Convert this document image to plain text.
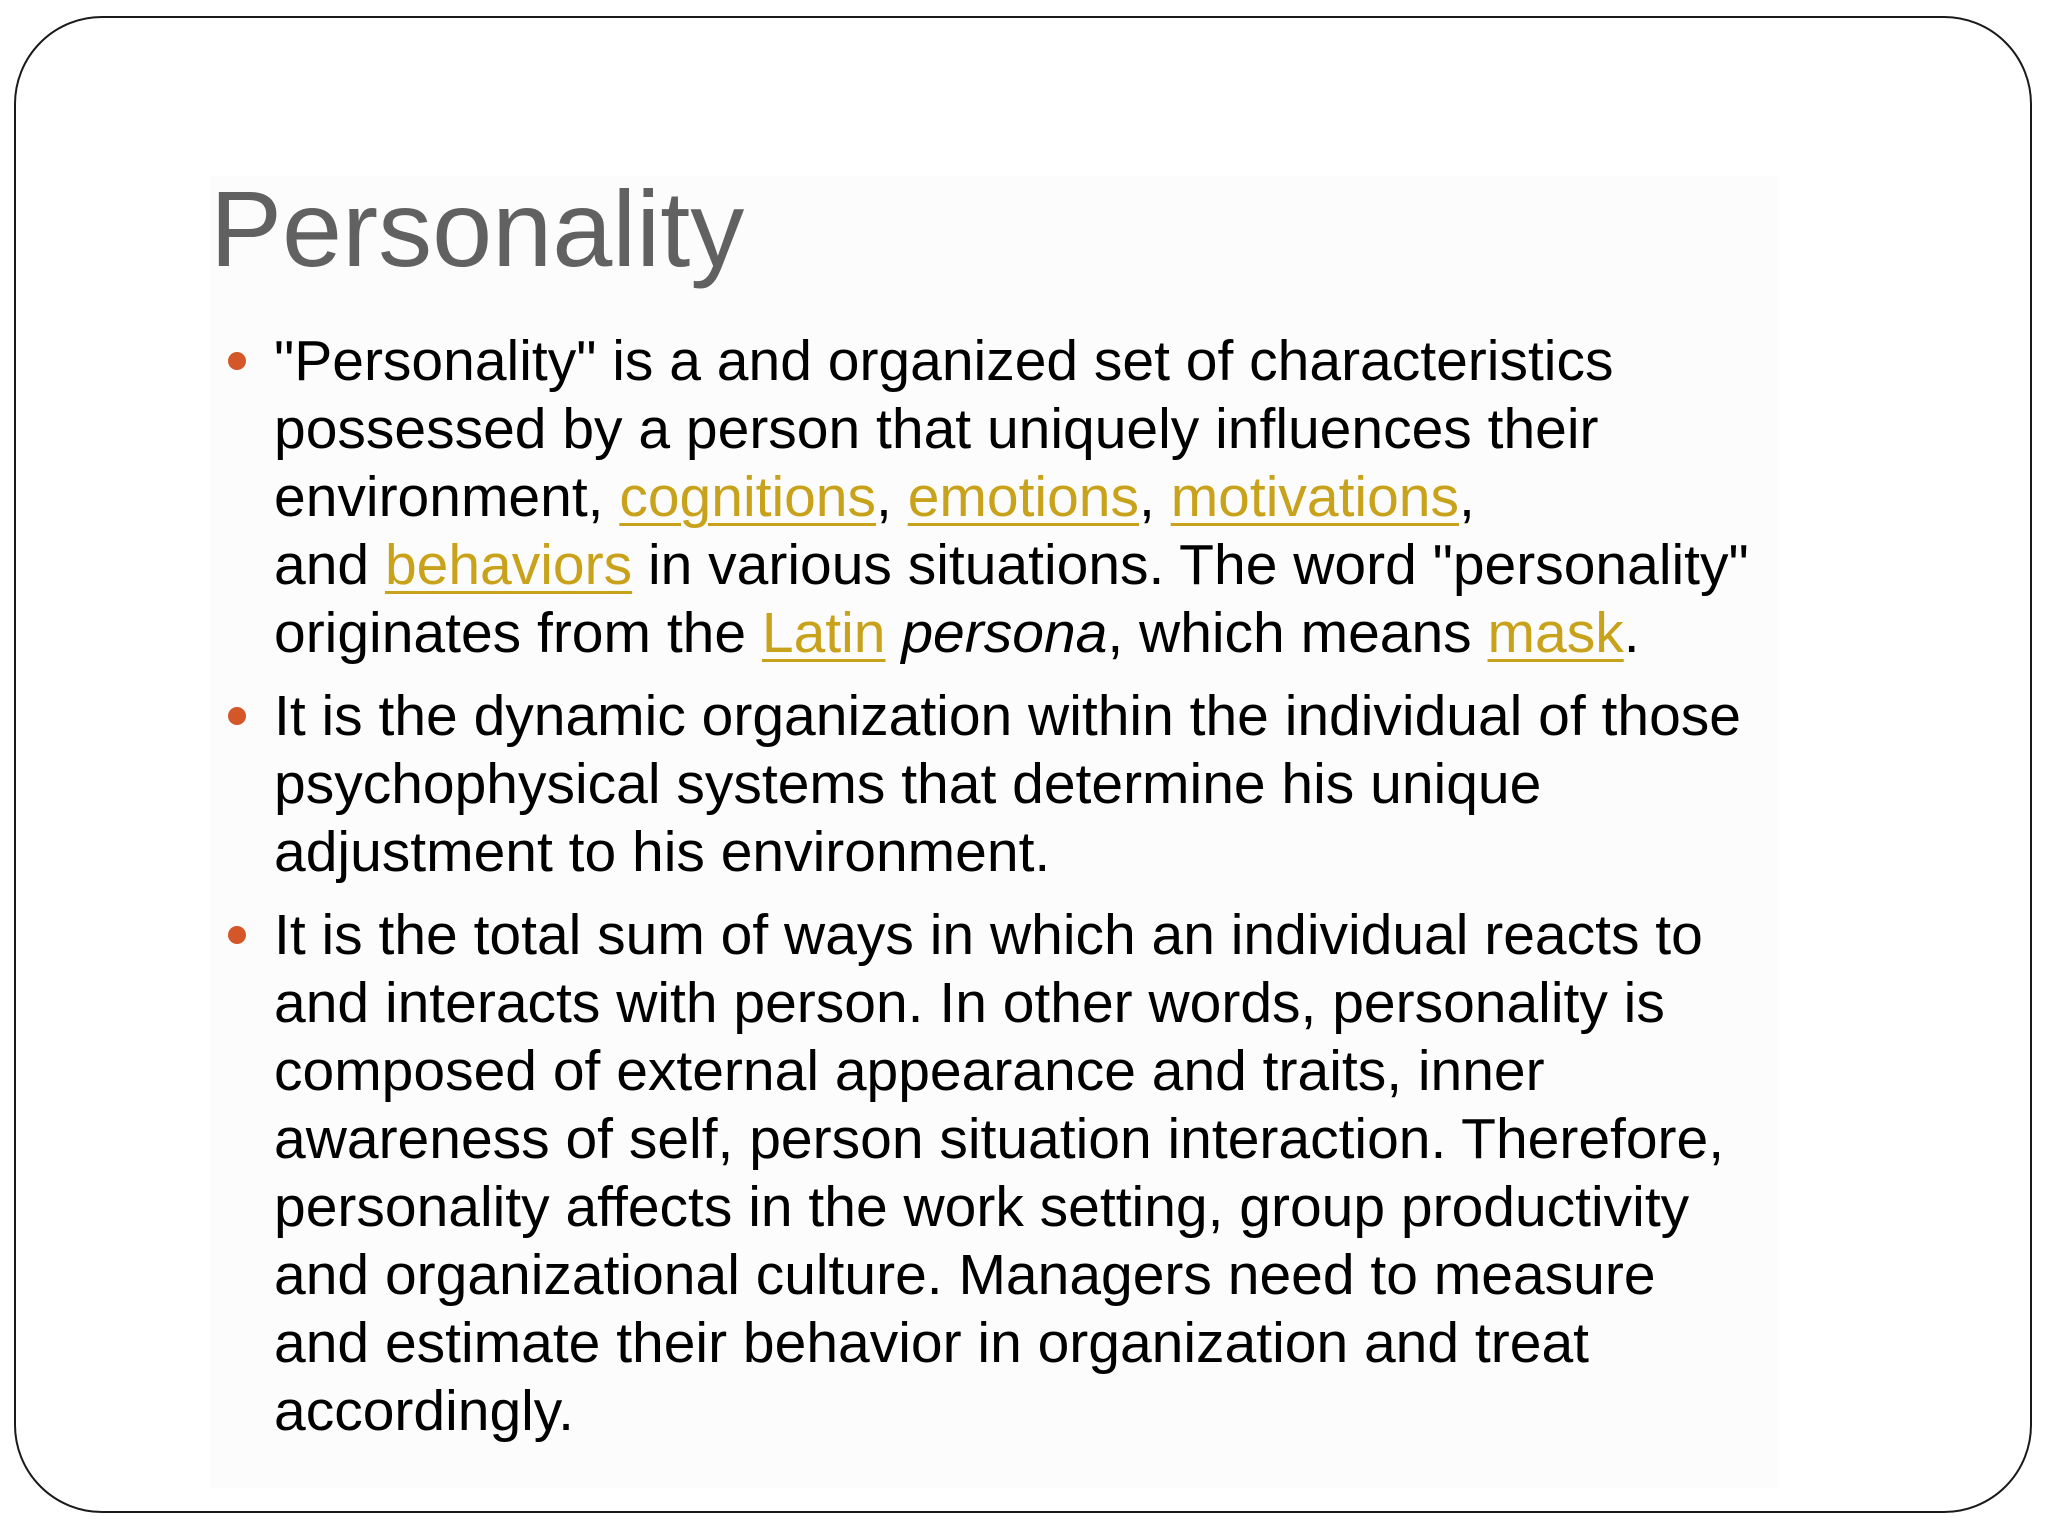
Personality
"Personality" is a and organized set of characteristics
possessed by a person that uniquely influences their
environment, cognitions, emotions, motivations,
and behaviors in various situations. The word "personality"
originates from the Latin persona, which means mask.
It is the dynamic organization within the individual of those
psychophysical systems that determine his unique
adjustment to his environment.
It is the total sum of ways in which an individual reacts to
and interacts with person. In other words, personality is
composed of external appearance and traits, inner
awareness of self, person situation interaction. Therefore,
personality affects in the work setting, group productivity
and organizational culture. Managers need to measure
and estimate their behavior in organization and treat
accordingly.
